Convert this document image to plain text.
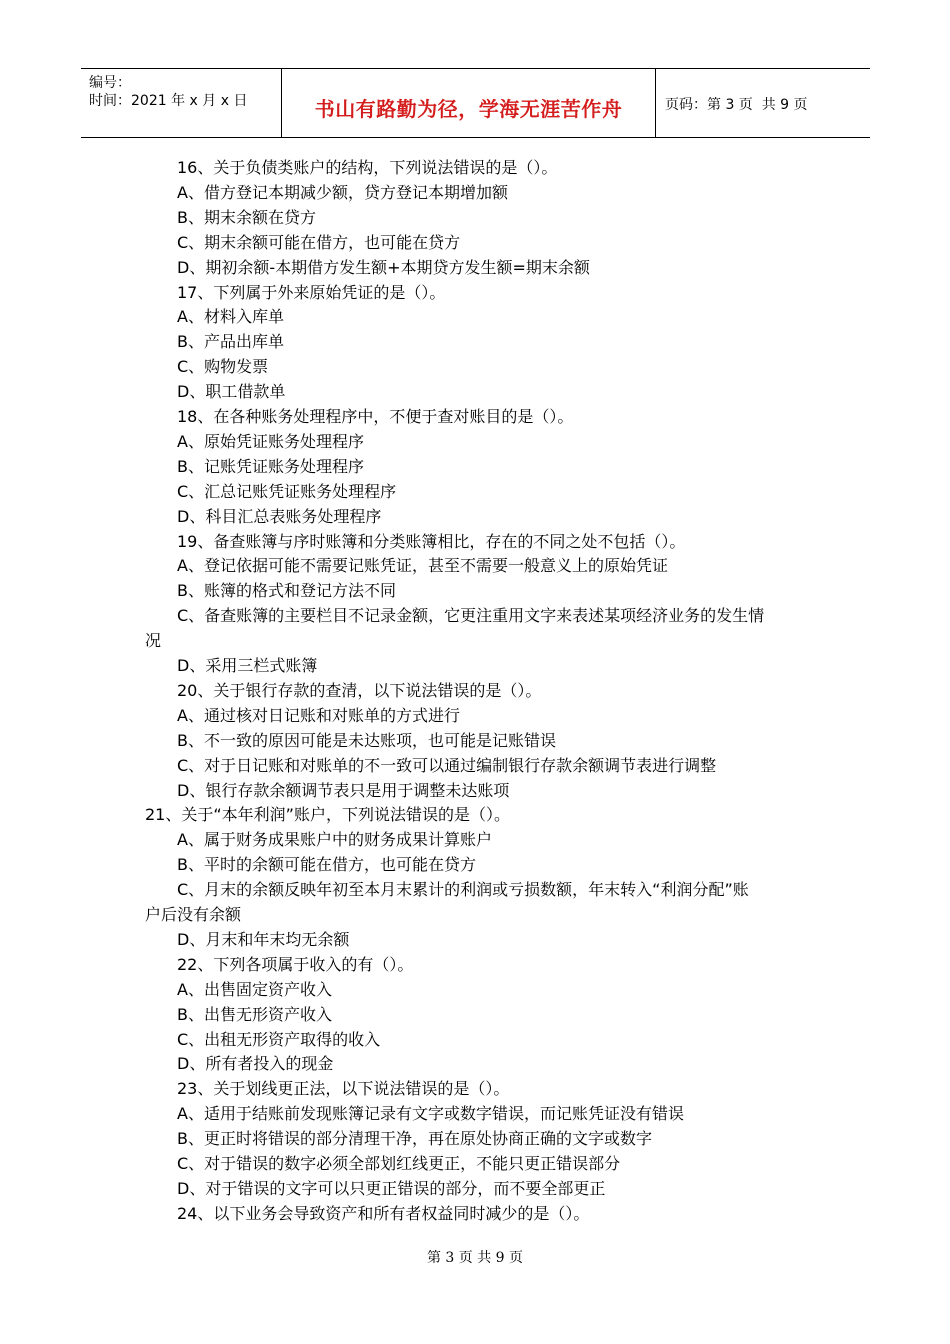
编号：
时间：2021 年 x 月 x 日	书山有路勤为径，学海无涯苦作舟	页码：第 3 页  共 9 页
16、关于负债类账户的结构，下列说法错误的是（）。
A、借方登记本期减少额，贷方登记本期增加额
B、期末余额在贷方
C、期末余额可能在借方，也可能在贷方
D、期初余额-本期借方发生额+本期贷方发生额=期末余额
17、下列属于外来原始凭证的是（）。
A、材料入库单
B、产品出库单
C、购物发票
D、职工借款单
18、在各种账务处理程序中，不便于查对账目的是（）。
A、原始凭证账务处理程序
B、记账凭证账务处理程序
C、汇总记账凭证账务处理程序
D、科目汇总表账务处理程序
19、备查账簿与序时账簿和分类账簿相比，存在的不同之处不包括（）。
A、登记依据可能不需要记账凭证，甚至不需要一般意义上的原始凭证
B、账簿的格式和登记方法不同
C、备查账簿的主要栏目不记录金额，它更注重用文字来表述某项经济业务的发生情
况
D、采用三栏式账簿
20、关于银行存款的查清，以下说法错误的是（）。
A、通过核对日记账和对账单的方式进行
B、不一致的原因可能是未达账项，也可能是记账错误
C、对于日记账和对账单的不一致可以通过编制银行存款余额调节表进行调整
D、银行存款余额调节表只是用于调整未达账项
21、关于“本年利润”账户，下列说法错误的是（）。
A、属于财务成果账户中的财务成果计算账户
B、平时的余额可能在借方，也可能在贷方
C、月末的余额反映年初至本月末累计的利润或亏损数额，年末转入“利润分配”账
户后没有余额
D、月末和年末均无余额
22、下列各项属于收入的有（）。
A、出售固定资产收入
B、出售无形资产收入
C、出租无形资产取得的收入
D、所有者投入的现金
23、关于划线更正法，以下说法错误的是（）。
A、适用于结账前发现账簿记录有文字或数字错误，而记账凭证没有错误
B、更正时将错误的部分清理干净，再在原处协商正确的文字或数字
C、对于错误的数字必须全部划红线更正，不能只更正错误部分
D、对于错误的文字可以只更正错误的部分，而不要全部更正
24、以下业务会导致资产和所有者权益同时减少的是（）。
第 3 页 共 9 页
